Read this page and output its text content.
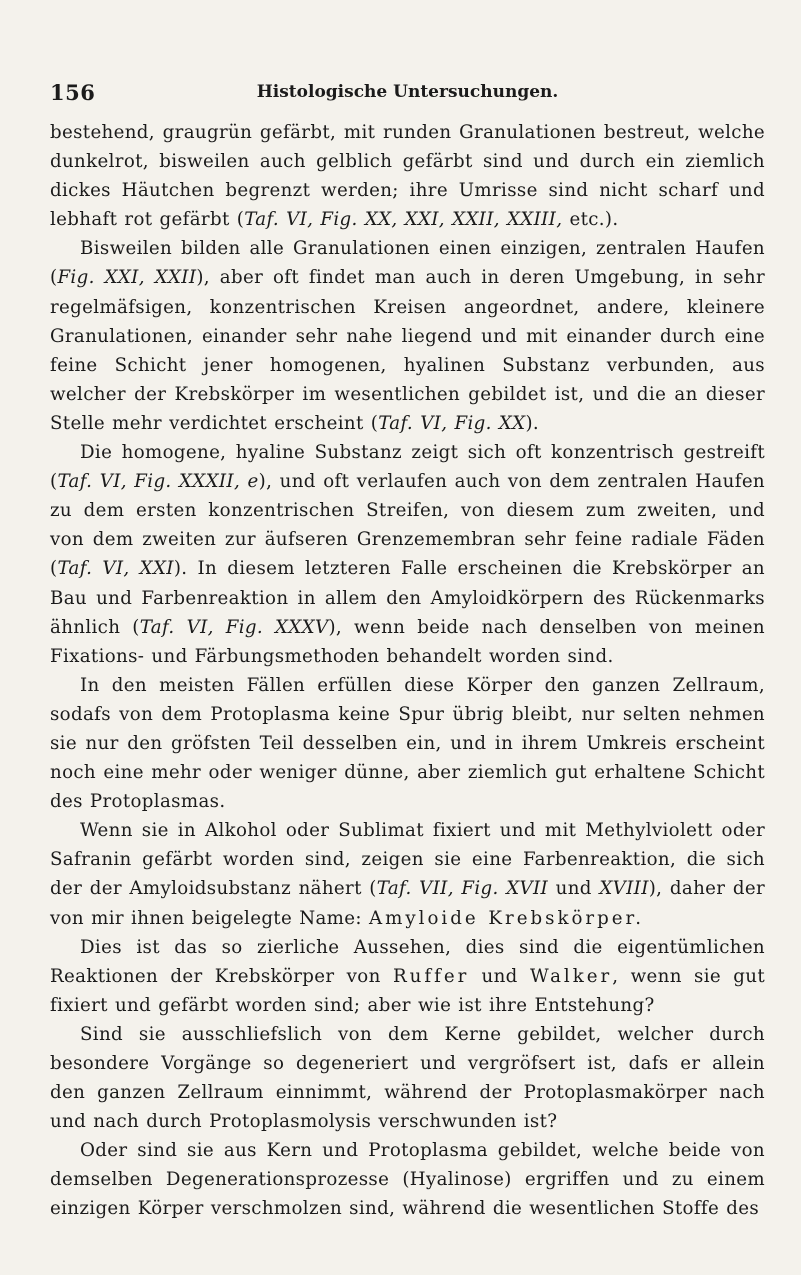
156	Histologische Untersuchungen.

bestehend, graugrün gefärbt, mit runden Granulationen bestreut, welche dunkelrot, bisweilen auch gelblich gefärbt sind und durch ein ziemlich dickes Häutchen begrenzt werden; ihre Umrisse sind nicht scharf und lebhaft rot gefärbt (Taf. VI, Fig. XX, XXI, XXII, XXIII, etc.).

Bisweilen bilden alle Granulationen einen einzigen, zentralen Haufen (Fig. XXI, XXII), aber oft findet man auch in deren Umgebung, in sehr regelmäfsigen, konzentrischen Kreisen angeordnet, andere, kleinere Granulationen, einander sehr nahe liegend und mit einander durch eine feine Schicht jener homogenen, hyalinen Substanz verbunden, aus welcher der Krebskörper im wesentlichen gebildet ist, und die an dieser Stelle mehr verdichtet erscheint (Taf. VI, Fig. XX).

Die homogene, hyaline Substanz zeigt sich oft konzentrisch gestreift (Taf. VI, Fig. XXXII, e), und oft verlaufen auch von dem zentralen Haufen zu dem ersten konzentrischen Streifen, von diesem zum zweiten, und von dem zweiten zur äufseren Grenzemembran sehr feine radiale Fäden (Taf. VI, XXI). In diesem letzteren Falle erscheinen die Krebskörper an Bau und Farbenreaktion in allem den Amyloidkörpern des Rückenmarks ähnlich (Taf. VI, Fig. XXXV), wenn beide nach denselben von meinen Fixations- und Färbungsmethoden behandelt worden sind.

In den meisten Fällen erfüllen diese Körper den ganzen Zellraum, sodafs von dem Protoplasma keine Spur übrig bleibt, nur selten nehmen sie nur den gröfsten Teil desselben ein, und in ihrem Umkreis erscheint noch eine mehr oder weniger dünne, aber ziemlich gut erhaltene Schicht des Protoplasmas.

Wenn sie in Alkohol oder Sublimat fixiert und mit Methylviolett oder Safranin gefärbt worden sind, zeigen sie eine Farbenreaktion, die sich der der Amyloidsubstanz nähert (Taf. VII, Fig. XVII und XVIII), daher der von mir ihnen beigelegte Name: Amyloide Krebskörper.

Dies ist das so zierliche Aussehen, dies sind die eigentümlichen Reaktionen der Krebskörper von Ruffer und Walker, wenn sie gut fixiert und gefärbt worden sind; aber wie ist ihre Entstehung?

Sind sie ausschliefslich von dem Kerne gebildet, welcher durch besondere Vorgänge so degeneriert und vergröfsert ist, dafs er allein den ganzen Zellraum einnimmt, während der Protoplasmakörper nach und nach durch Protoplasmolysis verschwunden ist?

Oder sind sie aus Kern und Protoplasma gebildet, welche beide von demselben Degenerationsprozesse (Hyalinose) ergriffen und zu einem einzigen Körper verschmolzen sind, während die wesentlichen Stoffe des
